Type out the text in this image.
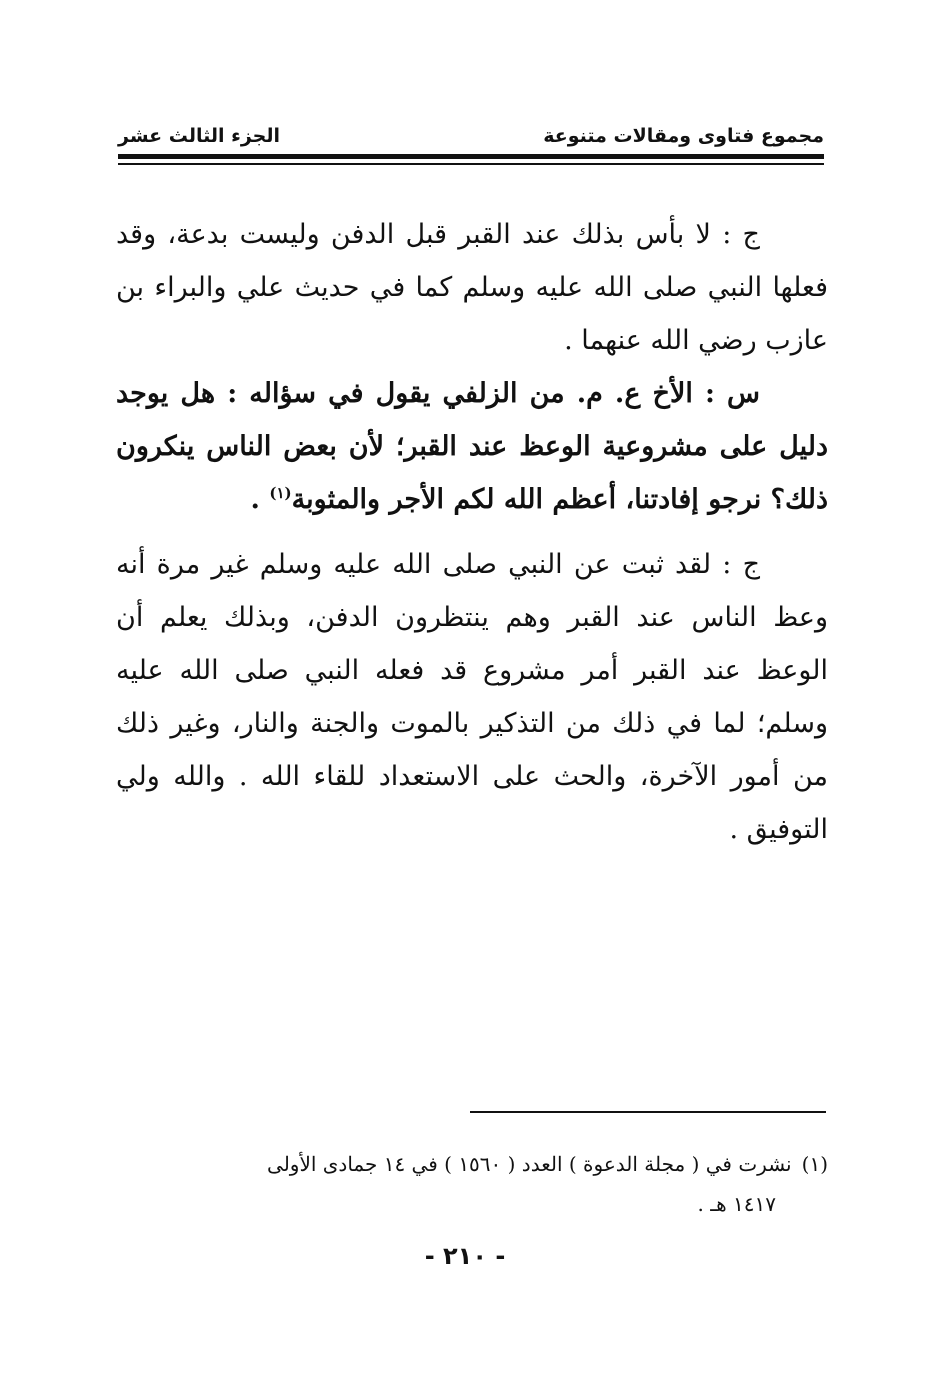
مجموع فتاوى ومقالات متنوعة
الجزء الثالث عشر

ج : لا بأس بذلك عند القبر قبل الدفن وليست بدعة، وقد فعلها النبي صلى الله عليه وسلم كما في حديث علي والبراء بن عازب رضي الله عنهما .

س : الأخ ع. م. من الزلفي يقول في سؤاله : هل يوجد دليل على مشروعية الوعظ عند القبر؛ لأن بعض الناس ينكرون ذلك؟ نرجو إفادتنا، أعظم الله لكم الأجر والمثوبة$^{(١)}$ .

ج : لقد ثبت عن النبي صلى الله عليه وسلم غير مرة أنه وعظ الناس عند القبر وهم ينتظرون الدفن، وبذلك يعلم أن الوعظ عند القبر أمر مشروع قد فعله النبي صلى الله عليه وسلم؛ لما في ذلك من التذكير بالموت والجنة والنار، وغير ذلك من أمور الآخرة، والحث على الاستعداد للقاء الله . والله ولي التوفيق .

(١)نشرت في ( مجلة الدعوة ) العدد ( ١٥٦٠ ) في ١٤ جمادى الأولى
١٤١٧ هـ .
- ٢١٠ -
